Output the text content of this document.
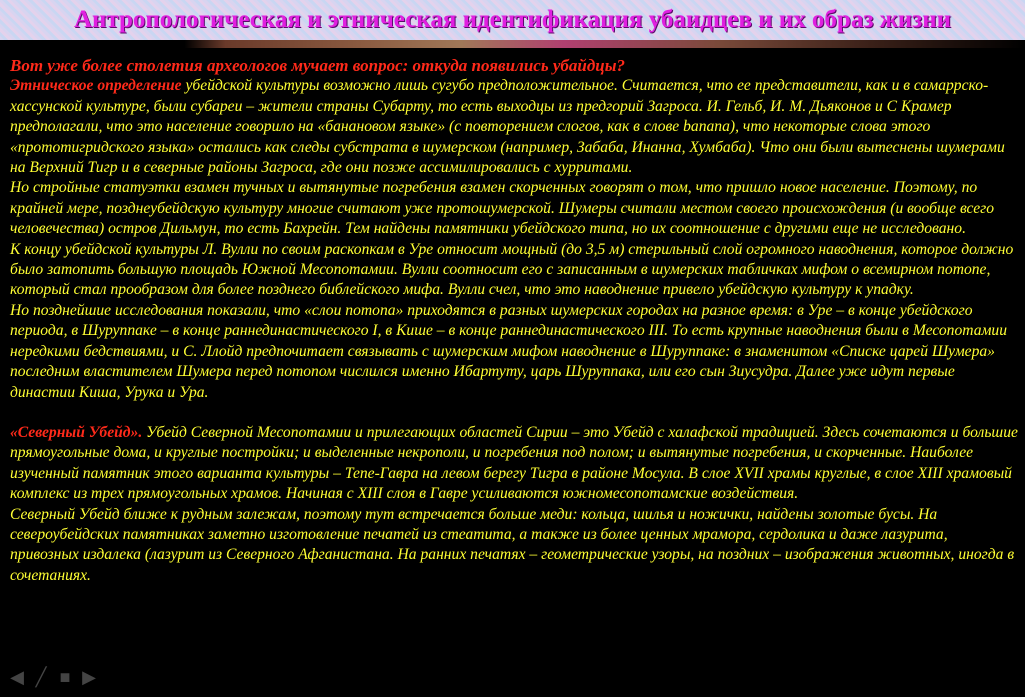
Антропологическая и этническая идентификация убаидцев и их образ жизни

Вот уже более столетия археологов мучает вопрос: откуда появились убайдцы?

Этническое определение убейдской культуры возможно лишь сугубо предположительное. Считается, что ее представители, как и в самаррско-хассунской культуре, были субареи – жители страны Субарту, то есть выходцы из предгорий Загроса. И. Гельб, И. М. Дьяконов и С Крамер предполагали, что это население говорило на «банановом языке» (с повторением слогов, как в слове banana), что некоторые слова этого «прототигридского языка» остались как следы субстрата в шумерском (например, Забаба, Инанна, Хумбаба). Что они были вытеснены шумерами на Верхний Тигр и в северные районы Загроса, где они позже ассимилировались с хурритами.

Но стройные статуэтки взамен тучных и вытянутые погребения взамен скорченных говорят о том, что пришло новое население. Поэтому, по крайней мере, позднеубейдскую культуру многие считают уже протошумерской. Шумеры считали местом своего происхождения (и вообще всего человечества) остров Дильмун, то есть Бахрейн. Тем найдены памятники убейдского типа, но их соотношение с другими еще не исследовано.

К концу убейдской культуры Л. Вулли по своим раскопкам в Уре относит мощный (до 3,5 м) стерильный слой огромного наводнения, которое должно было затопить большую площадь Южной Месопотамии. Вулли соотносит его с записанным в шумерских табличках мифом о всемирном потопе, который стал прообразом для более позднего библейского мифа. Вулли счел, что это наводнение привело убейдскую культуру к упадку.

Но позднейшие исследования показали, что «слои потопа» приходятся в разных шумерских городах на разное время: в Уре – в конце убейдского периода, в Шуруппаке – в конце раннединастического I, в Кише – в конце раннединастического III. То есть крупные наводнения были в Месопотамии нередкими бедствиями, и С. Ллойд предпочитает связывать с шумерским мифом наводнение в Шуруппаке: в знаменитом «Списке царей Шумера» последним властителем Шумера перед потопом числился именно Ибартуту, царь Шуруппака, или его сын Зиусудра. Далее уже идут первые династии Киша, Урука и Ура.

«Северный Убейд». Убейд Северной Месопотамии и прилегающих областей Сирии – это Убейд с халафской традицией. Здесь сочетаются и большие прямоугольные дома, и круглые постройки; и выделенные некрополи, и погребения под полом; и вытянутые погребения, и скорченные. Наиболее изученный памятник этого варианта культуры – Тепе-Гавра на левом берегу Тигра в районе Мосула. В слое XVII храмы круглые, в слое XIII храмовый комплекс из трех прямоугольных храмов. Начиная с XIII слоя в Гавре усиливаются южномесопотамские воздействия.

Северный Убейд ближе к рудным залежам, поэтому тут встречается больше меди: кольца, шилья и ножички, найдены золотые бусы. На североубейдских памятниках заметно изготовление печатей из стеатита, а также из более ценных мрамора, сердолика и даже лазурита, привозных издалека (лазурит из Северного Афганистана. На ранних печатях – геометрические узоры, на поздних – изображения животных, иногда в сочетаниях.

◀ ╱ ■ ▶
